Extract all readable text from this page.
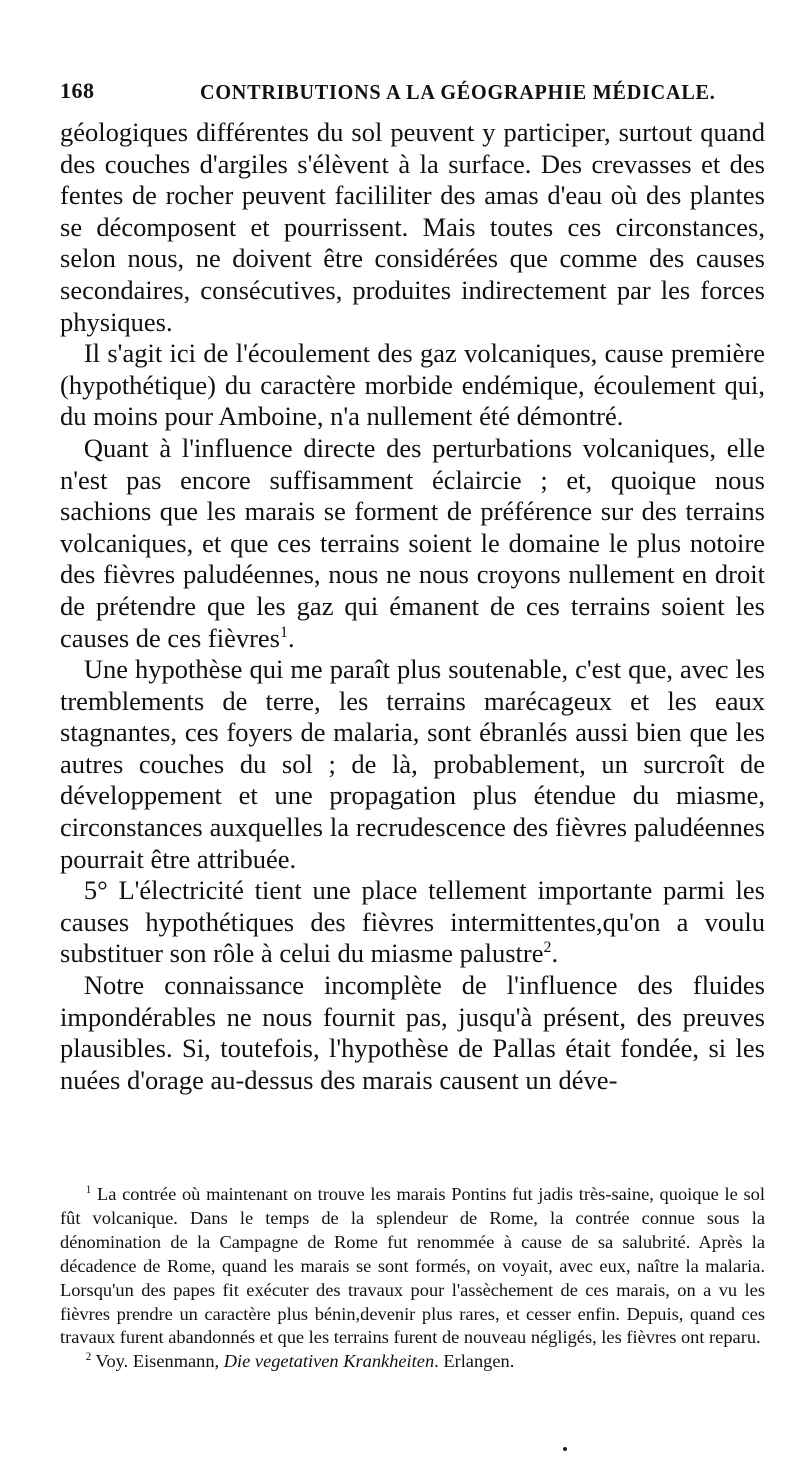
168	CONTRIBUTIONS A LA GÉOGRAPHIE MÉDICALE.

géologiques différentes du sol peuvent y participer, surtout quand des couches d'argiles s'élèvent à la surface. Des crevasses et des fentes de rocher peuvent facililiter des amas d'eau où des plantes se décomposent et pourrissent. Mais toutes ces circonstances, selon nous, ne doivent être considérées que comme des causes secondaires, consécutives, produites indirectement par les forces physiques.

Il s'agit ici de l'écoulement des gaz volcaniques, cause première (hypothétique) du caractère morbide endémique, écoulement qui, du moins pour Amboine, n'a nullement été démontré.

Quant à l'influence directe des perturbations volcaniques, elle n'est pas encore suffisamment éclaircie ; et, quoique nous sachions que les marais se forment de préférence sur des terrains volcaniques, et que ces terrains soient le domaine le plus notoire des fièvres paludéennes, nous ne nous croyons nullement en droit de prétendre que les gaz qui émanent de ces terrains soient les causes de ces fièvres$^1$.

Une hypothèse qui me paraît plus soutenable, c'est que, avec les tremblements de terre, les terrains marécageux et les eaux stagnantes, ces foyers de malaria, sont ébranlés aussi bien que les autres couches du sol ; de là, probablement, un surcroît de développement et une propagation plus étendue du miasme, circonstances auxquelles la recrudescence des fièvres paludéennes pourrait être attribuée.

5° L'électricité tient une place tellement importante parmi les causes hypothétiques des fièvres intermittentes,qu'on a voulu substituer son rôle à celui du miasme palustre$^2$.

Notre connaissance incomplète de l'influence des fluides impondérables ne nous fournit pas, jusqu'à présent, des preuves plausibles. Si, toutefois, l'hypothèse de Pallas était fondée, si les nuées d'orage au-dessus des marais causent un déve-

$^1$ La contrée où maintenant on trouve les marais Pontins fut jadis très-saine, quoique le sol fût volcanique. Dans le temps de la splendeur de Rome, la contrée connue sous la dénomination de la Campagne de Rome fut renommée à cause de sa salubrité. Après la décadence de Rome, quand les marais se sont formés, on voyait, avec eux, naître la malaria. Lorsqu'un des papes fit exécuter des travaux pour l'assèchement de ces marais, on a vu les fièvres prendre un caractère plus bénin,devenir plus rares, et cesser enfin. Depuis, quand ces travaux furent abandonnés et que les terrains furent de nouveau négligés, les fièvres ont reparu.

$^2$ Voy. Eisenmann, Die vegetativen Krankheiten. Erlangen.
